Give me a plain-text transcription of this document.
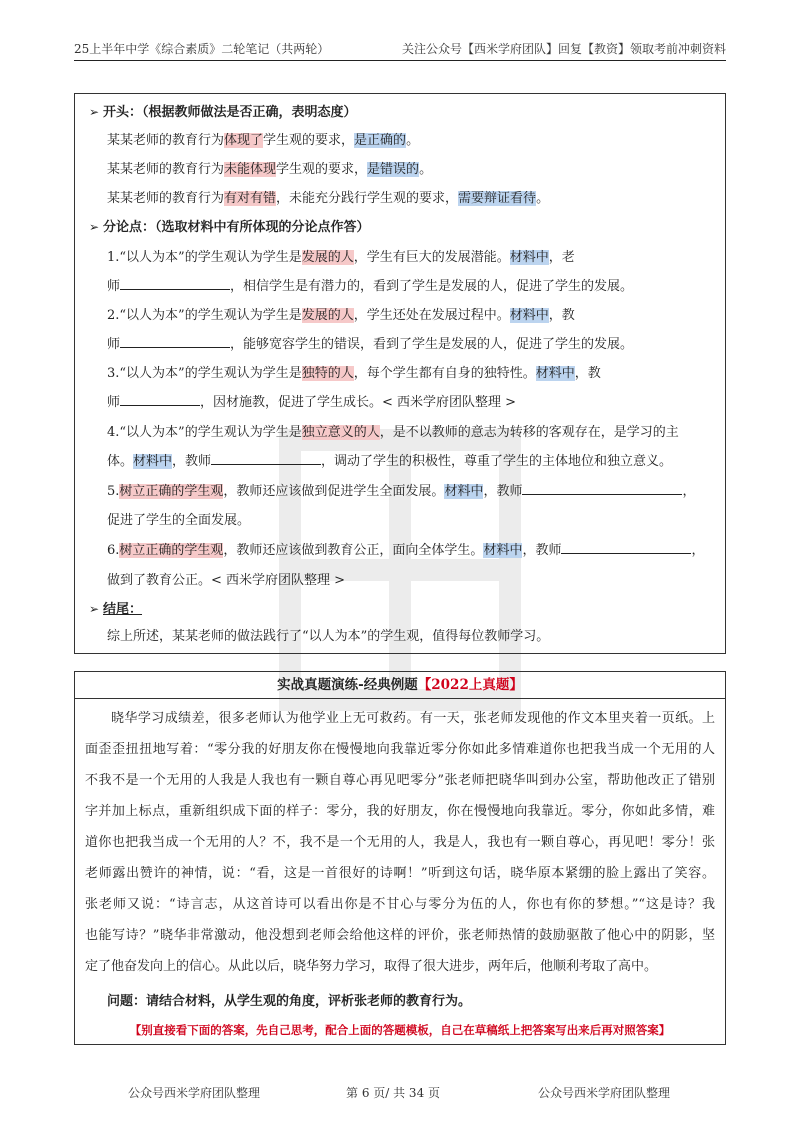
25上半年中学《综合素质》二轮笔记（共两轮）	关注公众号【西米学府团队】回复【教资】领取考前冲刺资料
➢ 开头：（根据教师做法是否正确，表明态度）
某某老师的教育行为体现了学生观的要求，是正确的。
某某老师的教育行为未能体现学生观的要求，是错误的。
某某老师的教育行为有对有错，未能充分践行学生观的要求，需要辩证看待。
➢ 分论点：（选取材料中有所体现的分论点作答）
1.“以人为本”的学生观认为学生是发展的人，学生有巨大的发展潜能。材料中，老
师	，相信学生是有潜力的，看到了学生是发展的人，促进了学生的发展。
2.“以人为本”的学生观认为学生是发展的人，学生还处在发展过程中。材料中，教
师	，能够宽容学生的错误，看到了学生是发展的人，促进了学生的发展。
3.“以人为本”的学生观认为学生是独特的人，每个学生都有自身的独特性。材料中，教
师	，因材施教，促进了学生成长。< 西米学府团队整理 >
4.“以人为本”的学生观认为学生是独立意义的人，是不以教师的意志为转移的客观存在，是学习的主
体。材料中，教师	，调动了学生的积极性，尊重了学生的主体地位和独立意义。
5.树立正确的学生观，教师还应该做到促进学生全面发展。材料中，教师	，
促进了学生的全面发展。
6.树立正确的学生观，教师还应该做到教育公正，面向全体学生。材料中，教师	，
做到了教育公正。< 西米学府团队整理 >
➢ 结尾：
综上所述，某某老师的做法践行了“以人为本”的学生观，值得每位教师学习。
实战真题演练-经典例题【2022上真题】

晓华学习成绩差，很多老师认为他学业上无可救药。有一天，张老师发现他的作文本里夹着一页纸。上

面歪歪扭扭地写着：“零分我的好朋友你在慢慢地向我靠近零分你如此多情难道你也把我当成一个无用的人

不我不是一个无用的人我是人我也有一颗自尊心再见吧零分”张老师把晓华叫到办公室，帮助他改正了错别

字并加上标点，重新组织成下面的样子：零分，我的好朋友，你在慢慢地向我靠近。零分，你如此多情，难

道你也把我当成一个无用的人？不，我不是一个无用的人，我是人，我也有一颗自尊心，再见吧！零分！张

老师露出赞许的神情，说：“看，这是一首很好的诗啊！”听到这句话，晓华原本紧绷的脸上露出了笑容。

张老师又说：“诗言志，从这首诗可以看出你是不甘心与零分为伍的人，你也有你的梦想。”“这是诗？我

也能写诗？”晓华非常激动，他没想到老师会给他这样的评价，张老师热情的鼓励驱散了他心中的阴影，坚

定了他奋发向上的信心。从此以后，晓华努力学习，取得了很大进步，两年后，他顺利考取了高中。

问题：请结合材料，从学生观的角度，评析张老师的教育行为。
【别直接看下面的答案，先自己思考，配合上面的答题模板，自己在草稿纸上把答案写出来后再对照答案】
公众号西米学府团队整理	第 6 页/ 共 34 页	公众号西米学府团队整理
